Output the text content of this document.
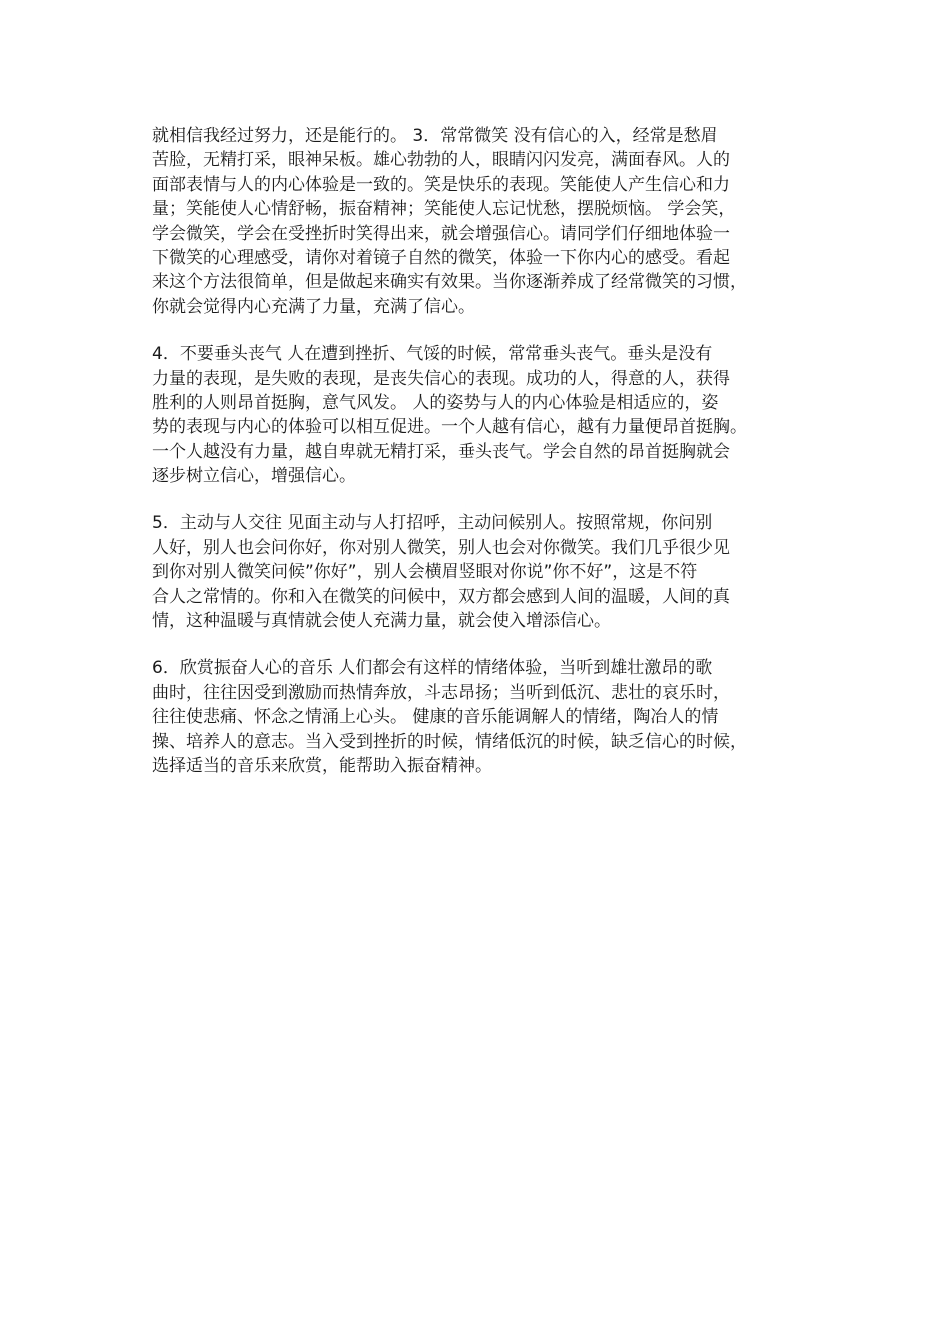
就相信我经过努力，还是能行的。 3．常常微笑 没有信心的入，经常是愁眉
苦脸，无精打采，眼神呆板。雄心勃勃的人，眼睛闪闪发亮，满面春风。人的
面部表情与人的内心体验是一致的。笑是快乐的表现。笑能使人产生信心和力
量；笑能使人心情舒畅，振奋精神；笑能使人忘记忧愁，摆脱烦恼。 学会笑，
学会微笑，学会在受挫折时笑得出来，就会增强信心。请同学们仔细地体验一
下微笑的心理感受，请你对着镜子自然的微笑，体验一下你内心的感受。看起
来这个方法很简单，但是做起来确实有效果。当你逐渐养成了经常微笑的习惯，
你就会觉得内心充满了力量，充满了信心。

4．不要垂头丧气 人在遭到挫折、气馁的时候，常常垂头丧气。垂头是没有
力量的表现，是失败的表现，是丧失信心的表现。成功的人，得意的人，获得
胜利的人则昂首挺胸，意气风发。 人的姿势与人的内心体验是相适应的，姿
势的表现与内心的体验可以相互促进。一个人越有信心，越有力量便昂首挺胸。
一个人越没有力量，越自卑就无精打采，垂头丧气。学会自然的昂首挺胸就会
逐步树立信心，增强信心。

5．主动与人交往 见面主动与人打招呼，主动问候别人。按照常规，你问别
人好，别人也会问你好，你对别人微笑，别人也会对你微笑。我们几乎很少见
到你对别人微笑问候”你好”，别人会横眉竖眼对你说”你不好”，这是不符
合人之常情的。你和入在微笑的问候中，双方都会感到人间的温暖，人间的真
情，这种温暖与真情就会使人充满力量，就会使入增添信心。

6．欣赏振奋人心的音乐 人们都会有这样的情绪体验，当听到雄壮激昂的歌
曲时，往往因受到激励而热情奔放，斗志昂扬；当听到低沉、悲壮的哀乐时，
往往使悲痛、怀念之情涌上心头。 健康的音乐能调解人的情绪，陶冶人的情
操、培养人的意志。当入受到挫折的时候，情绪低沉的时候，缺乏信心的时候，
选择适当的音乐来欣赏，能帮助入振奋精神。
